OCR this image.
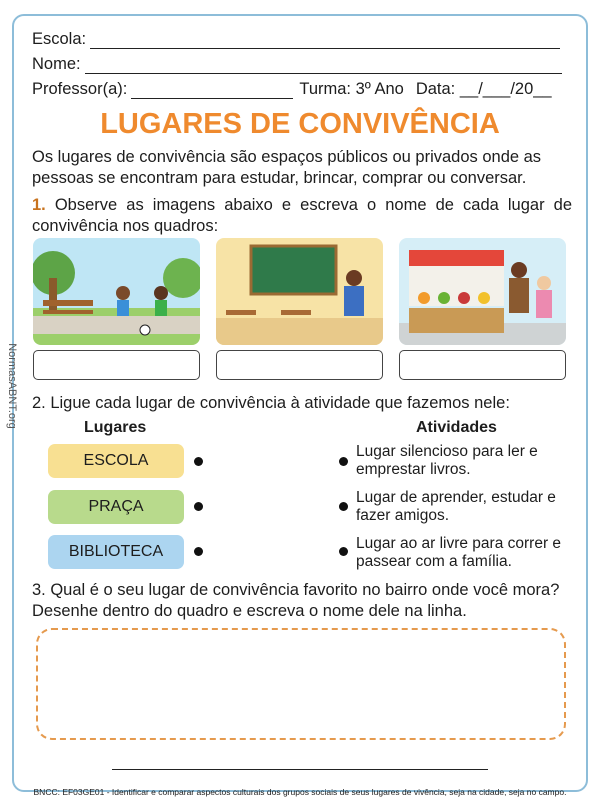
NormasABNT.org
Escola:
Nome:
Professor(a):	Turma: 3º Ano Data: __/___/20__
LUGARES DE CONVIVÊNCIA
Os lugares de convivência são espaços públicos ou privados onde as pessoas se encontram para estudar, brincar, comprar ou conversar.
1. Observe as imagens abaixo e escreva o nome de cada lugar de convivência nos quadros:
2. Ligue cada lugar de convivência à atividade que fazemos nele:
Lugares	Atividades
ESCOLA
PRAÇA
BIBLIOTECA
Lugar silencioso para ler e emprestar livros.
Lugar de aprender, estudar e fazer amigos.
Lugar ao ar livre para correr e passear com a família.
3. Qual é o seu lugar de convivência favorito no bairro onde você mora? Desenhe dentro do quadro e escreva o nome dele na linha.
BNCC: EF03GE01 - Identificar e comparar aspectos culturais dos grupos sociais de seus lugares de vivência, seja na cidade, seja no campo.
